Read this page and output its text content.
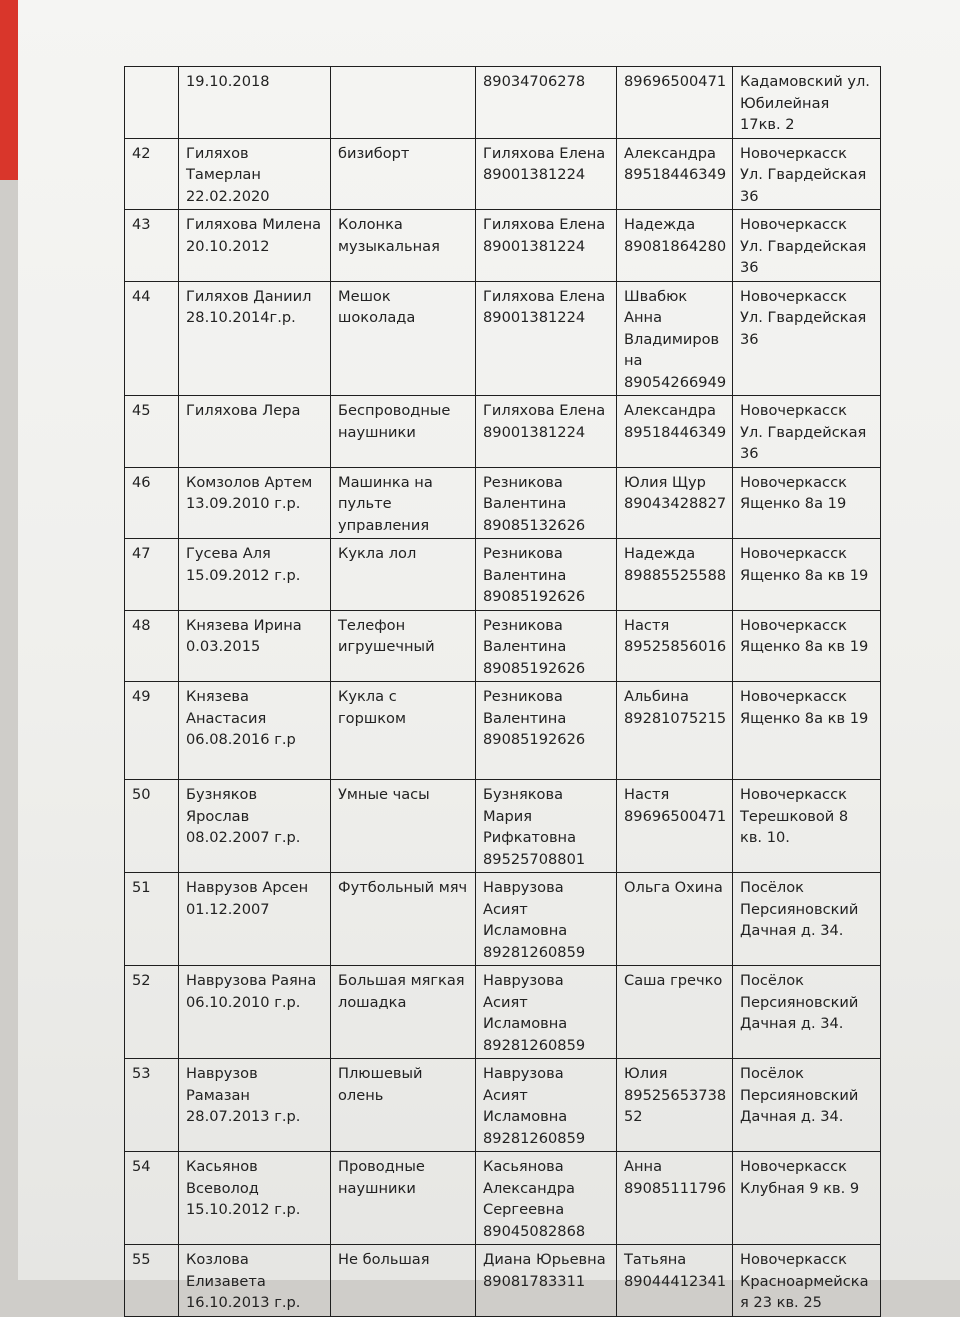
	19.10.2018		89034706278	89696500471	Кадамовский ул. Юбилейная 17кв. 2
42	Гиляхов Тамерлан 22.02.2020	бизиборт	Гиляхова Елена 89001381224	Александра 89518446349	Новочеркасск Ул. Гвардейская 36
43	Гиляхова Милена 20.10.2012	Колонка музыкальная	Гиляхова Елена 89001381224	Надежда 89081864280	Новочеркасск Ул. Гвардейская 36
44	Гиляхов Даниил 28.10.2014г.р.	Мешок шоколада	Гиляхова Елена 89001381224	Швабюк Анна Владимиров на 89054266949	Новочеркасск Ул. Гвардейская 36
45	Гиляхова Лера	Беспроводные наушники	Гиляхова Елена 89001381224	Александра 89518446349	Новочеркасск Ул. Гвардейская 36
46	Комзолов Артем 13.09.2010 г.р.	Машинка на пульте управления	Резникова Валентина 89085132626	Юлия Щур 89043428827	Новочеркасск Ященко 8а 19
47	Гусева Аля 15.09.2012 г.р.	Кукла лол	Резникова Валентина 89085192626	Надежда 89885525588	Новочеркасск Ященко 8а кв 19
48	Князева Ирина 0.03.2015	Телефон игрушечный	Резникова Валентина 89085192626	Настя 89525856016	Новочеркасск Ященко 8а кв 19
49	Князева Анастасия 06.08.2016 г.р	Кукла с горшком	Резникова Валентина 89085192626	Альбина 89281075215	Новочеркасск Ященко 8а кв 19
50	Бузняков Ярослав 08.02.2007 г.р.	Умные часы	Бузнякова Мария Рифкатовна 89525708801	Настя 89696500471	Новочеркасск Терешковой 8 кв. 10.
51	Наврузов Арсен 01.12.2007	Футбольный мяч	Наврузова Асият Исламовна 89281260859	Ольга Охина	Посёлок Персияновский Дачная д. 34.
52	Наврузова Раяна 06.10.2010 г.р.	Большая мягкая лошадка	Наврузова Асият Исламовна 89281260859	Саша гречко	Посёлок Персияновский Дачная д. 34.
53	Наврузов Рамазан 28.07.2013 г.р.	Плюшевый олень	Наврузова Асият Исламовна 89281260859	Юлия 89525653738 52	Посёлок Персияновский Дачная д. 34.
54	Касьянов Всеволод 15.10.2012 г.р.	Проводные наушники	Касьянова Александра Сергеевна 89045082868	Анна 89085111796	Новочеркасск Клубная 9 кв. 9
55	Козлова Елизавета 16.10.2013 г.р.	Не большая	Диана Юрьевна 89081783311	Татьяна 89044412341	Новочеркасск Красноармейска я 23 кв. 25
